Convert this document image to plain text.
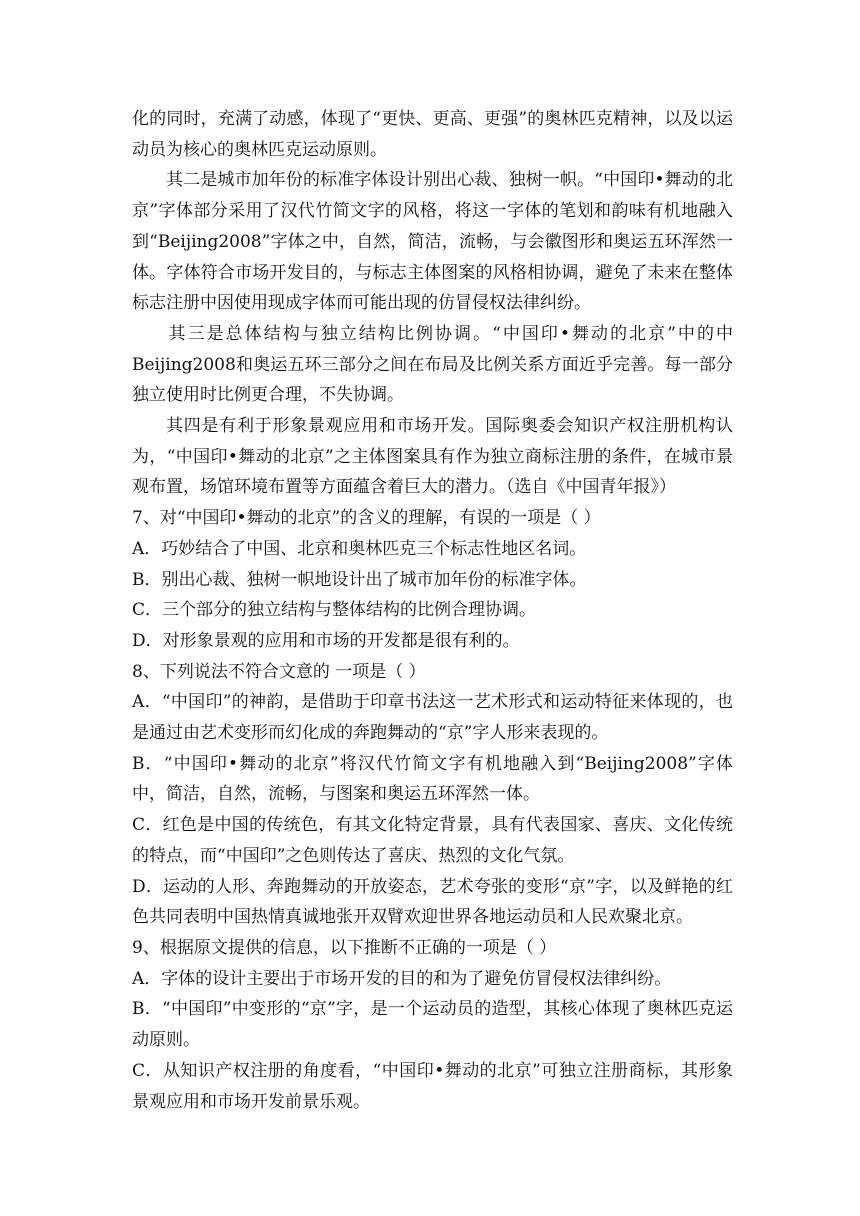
化的同时，充满了动感，体现了“更快、更高、更强”的奥林匹克精神，以及以运动员为核心的奥林匹克运动原则。

其二是城市加年份的标准字体设计别出心裁、独树一帜。“中国印•舞动的北京”字体部分采用了汉代竹简文字的风格，将这一字体的笔划和韵味有机地融入到“Beijing2008”字体之中，自然，简洁，流畅，与会徽图形和奥运五环浑然一体。字体符合市场开发目的，与标志主体图案的风格相协调，避免了未来在整体标志注册中因使用现成字体而可能出现的仿冒侵权法律纠纷。

其三是总体结构与独立结构比例协调。“中国印•舞动的北京”中的中Beijing2008和奥运五环三部分之间在布局及比例关系方面近乎完善。每一部分独立使用时比例更合理，不失协调。

其四是有利于形象景观应用和市场开发。国际奥委会知识产权注册机构认为，“中国印•舞动的北京”之主体图案具有作为独立商标注册的条件，在城市景观布置，场馆环境布置等方面蕴含着巨大的潜力。（选自《中国青年报》）

7、对“中国印•舞动的北京”的含义的理解，有误的一项是（ ）

A．巧妙结合了中国、北京和奥林匹克三个标志性地区名词。

B．别出心裁、独树一帜地设计出了城市加年份的标准字体。

C．三个部分的独立结构与整体结构的比例合理协调。

D．对形象景观的应用和市场的开发都是很有利的。

8、下列说法不符合文意的 一项是（ ）

A．“中国印”的神韵，是借助于印章书法这一艺术形式和运动特征来体现的，也是通过由艺术变形而幻化成的奔跑舞动的“京”字人形来表现的。

B．“中国印•舞动的北京”将汉代竹简文字有机地融入到“Beijing2008”字体中，简洁，自然，流畅，与图案和奥运五环浑然一体。

C．红色是中国的传统色，有其文化特定背景，具有代表国家、喜庆、文化传统的特点，而“中国印”之色则传达了喜庆、热烈的文化气氛。

D．运动的人形、奔跑舞动的开放姿态，艺术夸张的变形“京”字，以及鲜艳的红色共同表明中国热情真诚地张开双臂欢迎世界各地运动员和人民欢聚北京。

9、根据原文提供的信息，以下推断不正确的一项是（ ）

A．字体的设计主要出于市场开发的目的和为了避免仿冒侵权法律纠纷。

B．“中国印”中变形的“京”字，是一个运动员的造型，其核心体现了奥林匹克运动原则。

C．从知识产权注册的角度看，“中国印•舞动的北京”可独立注册商标，其形象景观应用和市场开发前景乐观。
